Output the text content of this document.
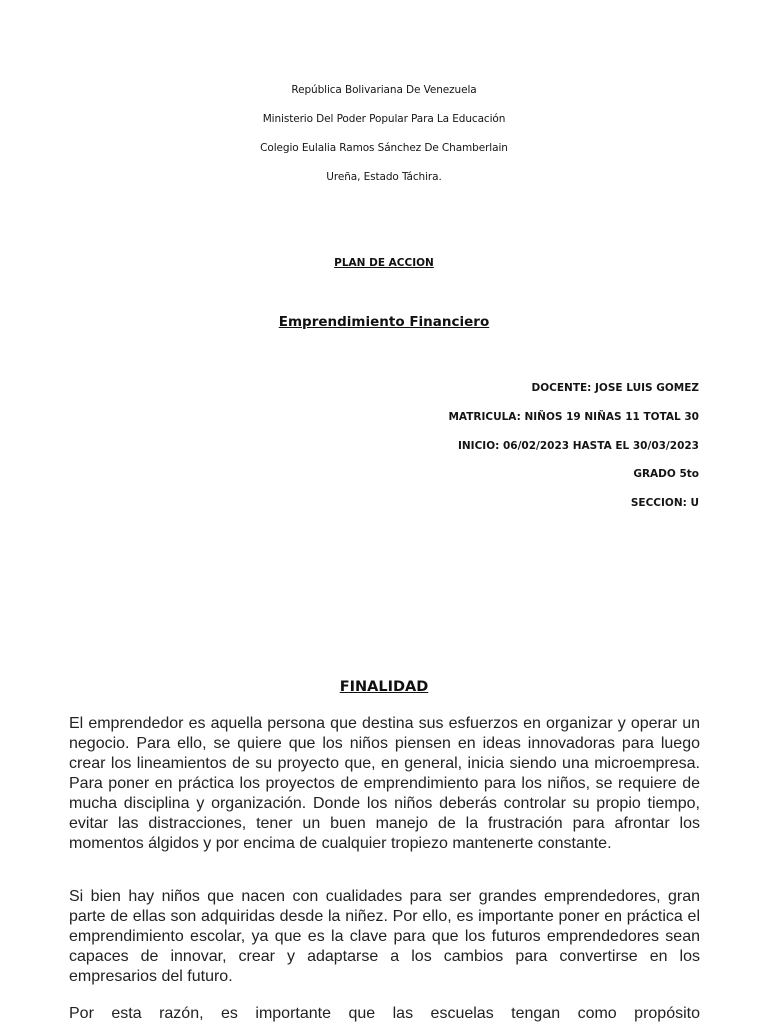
República Bolivariana De Venezuela
Ministerio Del Poder Popular Para La Educación
Colegio Eulalia Ramos Sánchez De Chamberlain
Ureña, Estado Táchira.
PLAN DE ACCION
Emprendimiento Financiero
DOCENTE: JOSE LUIS GOMEZ
MATRICULA: NIÑOS 19 NIÑAS 11 TOTAL 30
INICIO: 06/02/2023 HASTA EL 30/03/2023
GRADO 5to
SECCION: U
FINALIDAD

El emprendedor es aquella persona que destina sus esfuerzos en organizar y operar un negocio. Para ello, se quiere que los niños piensen en ideas innovadoras para luego crear los lineamientos de su proyecto que, en general, inicia siendo una microempresa. Para poner en práctica los proyectos de emprendimiento para los niños, se requiere de mucha disciplina y organización. Donde los niños deberás controlar su propio tiempo, evitar las distracciones, tener un buen manejo de la frustración para afrontar los momentos álgidos y por encima de cualquier tropiezo mantenerte constante.

Si bien hay niños que nacen con cualidades para ser grandes emprendedores, gran parte de ellas son adquiridas desde la niñez. Por ello, es importante poner en práctica el emprendimiento escolar, ya que es la clave para que los futuros emprendedores sean capaces de innovar, crear y adaptarse a los cambios para convertirse en los empresarios del futuro.

Por esta razón, es importante que las escuelas tengan como propósito
